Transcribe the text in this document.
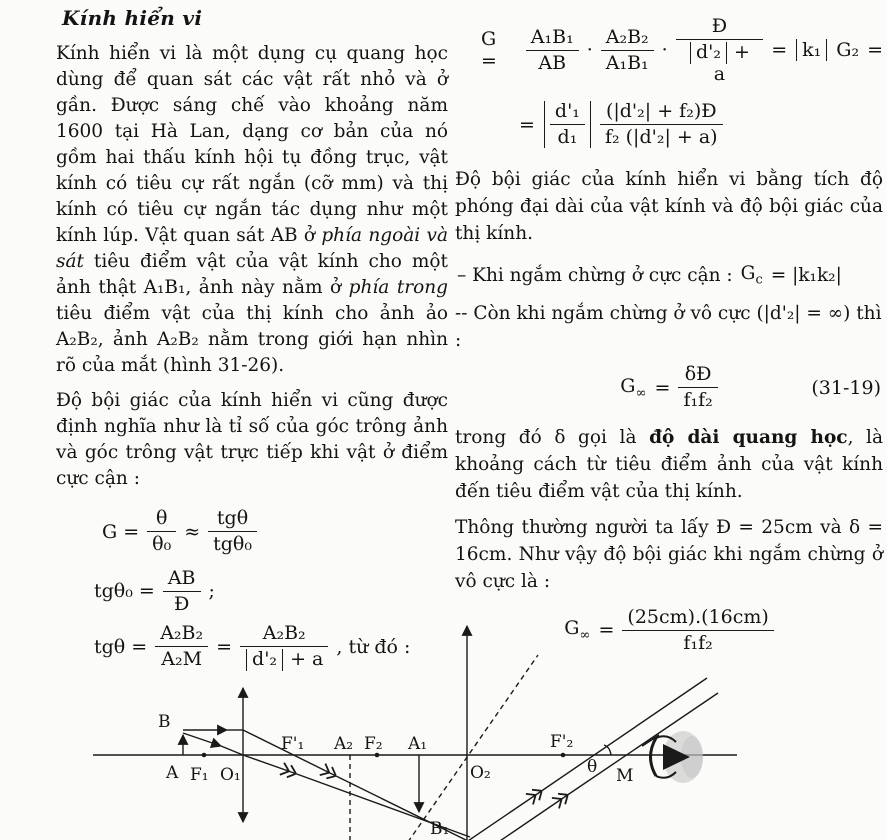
Kính hiển vi

Kính hiển vi là một dụng cụ quang học dùng để quan sát các vật rất nhỏ và ở gần. Được sáng chế vào khoảng năm 1600 tại Hà Lan, dạng cơ bản của nó gồm hai thấu kính hội tụ đồng trục, vật kính có tiêu cự rất ngắn (cỡ mm) và thị kính có tiêu cự ngắn tác dụng như một kính lúp. Vật quan sát AB ở phía ngoài và sát tiêu điểm vật của vật kính cho một ảnh thật A₁B₁, ảnh này nằm ở phía trong tiêu điểm vật của thị kính cho ảnh ảo A₂B₂, ảnh A₂B₂ nằm trong giới hạn nhìn rõ của mắt (hình 31-26).

Độ bội giác của kính hiển vi cũng được định nghĩa như là tỉ số của góc trông ảnh và góc trông vật trực tiếp khi vật ở điểm cực cận :

$G = \frac{\theta}{\text{θ₀}} \approx \frac{\text{tgθ}}{\text{tgθ₀}}$
$tg\theta_0 = \frac{AB}{Đ}$ ;
$tg\theta = \frac{\text{A₂B₂}}{\text{A₂M}} = \frac{\text{A₂B₂}}{\text{d'₂ + a}}$ , từ đó :
G =	$\frac{\text{A₁B₁}}{AB} \cdot \frac{\text{A₂B₂}}{\text{A₁B₁}} \cdot \frac{Đ}{\text{d'₂ + a}} = k_1$ G₂ =
= $\frac{\text{d'₁}}{\text{d₁}} \frac{\text{(|d'₂| + f₂)Đ}}{\text{f₂ (|d'₂| + a)}}$

Độ bội giác của kính hiển vi bằng tích độ phóng đại dài của vật kính và độ bội giác của thị kính.

– Khi ngắm chừng ở cực cận : $G_c = |k_1k_2|$

-- Còn khi ngắm chừng ở vô cực (|d'₂| = ∞) thì :

$G_\infty = \frac{\delta Đ}{\text{f₁f₂}}$	(31-19)

trong đó δ gọi là độ dài quang học, là khoảng cách từ tiêu điểm ảnh của vật kính đến tiêu điểm vật của thị kính.

Thông thường người ta lấy Đ = 25cm và δ = 16cm. Như vậy độ bội giác khi ngắm chừng ở vô cực là :

$G_\infty = \frac{(25cm).(16cm)}{\text{f₁f₂}}$
B
A F₁ O₁
F'₁ A₂ F₂ A₁
B₁
O₂
F'₂
θ M
